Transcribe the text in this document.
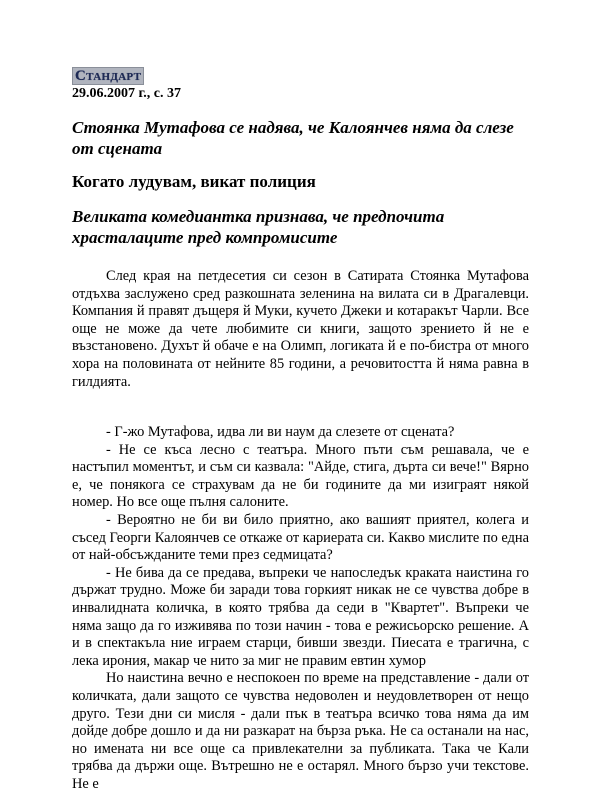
Стандарт
29.06.2007 г., с. 37
Стоянка Мутафова се надява, че Калоянчев няма да слезе от сцената
Когато лудувам, викат полиция
Великата комедиантка признава, че предпочита храсталаците пред компромисите

След края на петдесетия си сезон в Сатирата Стоянка Мутафова отдъхва заслужено сред разкошната зеленина на вилата си в Драгалевци. Компания й правят дъщеря й Муки, кучето Джеки и котаракът Чарли. Все още не може да чете любимите си книги, защото зрението й не е възстановено. Духът й обаче е на Олимп, логиката й е по-бистра от много хора на половината от нейните 85 години, а речовитостта й няма равна в гилдията.

- Г-жо Мутафова, идва ли ви наум да слезете от сцената?

- Не се къса лесно с театъра. Много пъти съм решавала, че е настъпил моментът, и съм си казвала: "Айде, стига, дърта си вече!" Вярно е, че понякога се страхувам да не би годините да ми изиграят някой номер. Но все още пълня салоните.

- Вероятно не би ви било приятно, ако вашият приятел, колега и съсед Георги Калоянчев се откаже от кариерата си. Какво мислите по една от най-обсъжданите теми през седмицата?

- Не бива да се предава, въпреки че напоследък краката наистина го държат трудно. Може би заради това горкият никак не се чувства добре в инвалидната количка, в която трябва да седи в "Квартет". Въпреки че няма защо да го изживява по този начин - това е режисьорско решение. А и в спектакъла ние играем старци, бивши звезди. Пиесата е трагична, с лека ирония, макар че нито за миг не правим евтин хумор

Но наистина вечно е неспокоен по време на представление - дали от количката, дали защото се чувства недоволен и неудовлетворен от нещо друго. Тези дни си мисля - дали пък в театъра всичко това няма да им дойде добре дошло и да ни разкарат на бърза ръка. Не са останали на нас, но имената ни все още са привлекателни за публиката. Така че Кали трябва да държи още. Вътрешно не е остарял. Много бързо учи текстове. Не е
